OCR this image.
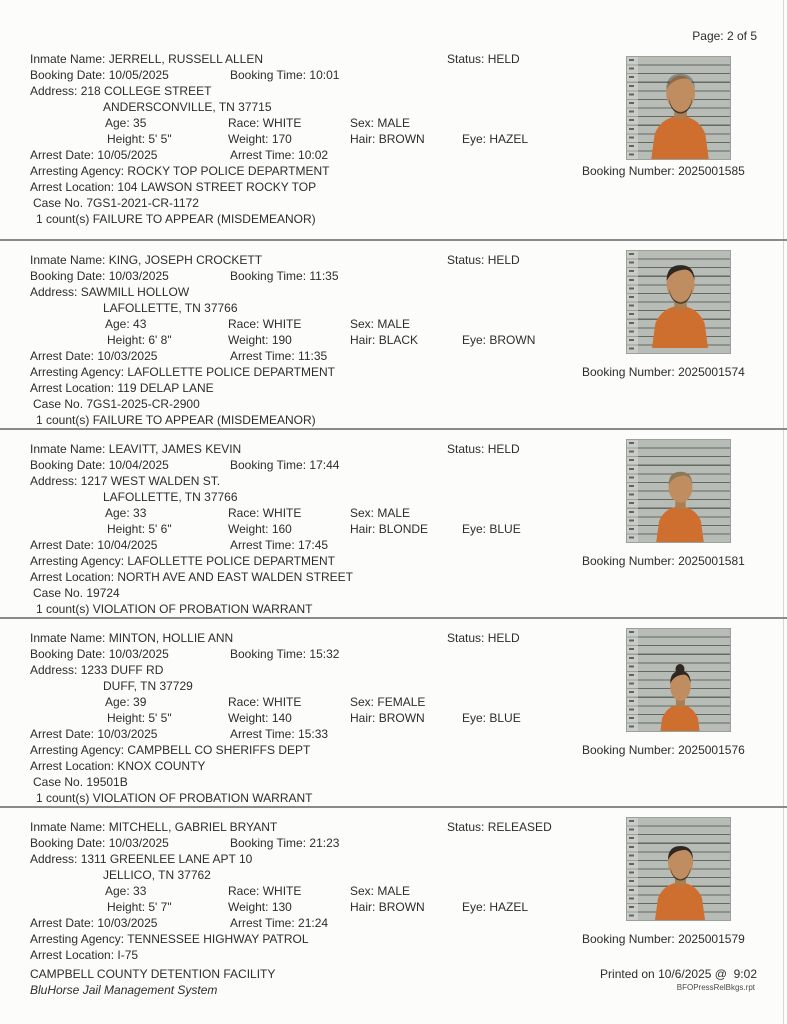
Page: 2 of 5
Inmate Name: JERRELL, RUSSELL ALLEN	Status: HELD
Booking Date: 10/05/2025	Booking Time: 10:01
Address: 218 COLLEGE STREET
ANDERSCONVILLE, TN 37715
Age: 35	Race: WHITE	Sex: MALE
Height: 5' 5"	Weight: 170	Hair: BROWN	Eye: HAZEL
Arrest Date: 10/05/2025	Arrest Time: 10:02
Arresting Agency: ROCKY TOP POLICE DEPARTMENT	Booking Number: 2025001585
Arrest Location: 104 LAWSON STREET ROCKY TOP
Case No. 7GS1-2021-CR-1172
1 count(s) FAILURE TO APPEAR (MISDEMEANOR)
Inmate Name: KING, JOSEPH CROCKETT	Status: HELD
Booking Date: 10/03/2025	Booking Time: 11:35
Address: SAWMILL HOLLOW
LAFOLLETTE, TN 37766
Age: 43	Race: WHITE	Sex: MALE
Height: 6' 8"	Weight: 190	Hair: BLACK	Eye: BROWN
Arrest Date: 10/03/2025	Arrest Time: 11:35
Arresting Agency: LAFOLLETTE POLICE DEPARTMENT	Booking Number: 2025001574
Arrest Location: 119 DELAP LANE
Case No. 7GS1-2025-CR-2900
1 count(s) FAILURE TO APPEAR (MISDEMEANOR)
Inmate Name: LEAVITT, JAMES KEVIN	Status: HELD
Booking Date: 10/04/2025	Booking Time: 17:44
Address: 1217 WEST WALDEN ST.
LAFOLLETTE, TN 37766
Age: 33	Race: WHITE	Sex: MALE
Height: 5' 6"	Weight: 160	Hair: BLONDE	Eye: BLUE
Arrest Date: 10/04/2025	Arrest Time: 17:45
Arresting Agency: LAFOLLETTE POLICE DEPARTMENT	Booking Number: 2025001581
Arrest Location: NORTH AVE AND EAST WALDEN STREET
Case No. 19724
1 count(s) VIOLATION OF PROBATION WARRANT
Inmate Name: MINTON, HOLLIE ANN	Status: HELD
Booking Date: 10/03/2025	Booking Time: 15:32
Address: 1233 DUFF RD
DUFF, TN 37729
Age: 39	Race: WHITE	Sex: FEMALE
Height: 5' 5"	Weight: 140	Hair: BROWN	Eye: BLUE
Arrest Date: 10/03/2025	Arrest Time: 15:33
Arresting Agency: CAMPBELL CO SHERIFFS DEPT	Booking Number: 2025001576
Arrest Location: KNOX COUNTY
Case No. 19501B
1 count(s) VIOLATION OF PROBATION WARRANT
Inmate Name: MITCHELL, GABRIEL BRYANT	Status: RELEASED
Booking Date: 10/03/2025	Booking Time: 21:23
Address: 1311 GREENLEE LANE APT 10
JELLICO, TN 37762
Age: 33	Race: WHITE	Sex: MALE
Height: 5' 7"	Weight: 130	Hair: BROWN	Eye: HAZEL
Arrest Date: 10/03/2025	Arrest Time: 21:24
Arresting Agency: TENNESSEE HIGHWAY PATROL	Booking Number: 2025001579
Arrest Location: I-75
CAMPBELL COUNTY DETENTION FACILITY
BluHorse Jail Management System
Printed on 10/6/2025 @  9:02
BFOPressRelBkgs.rpt
